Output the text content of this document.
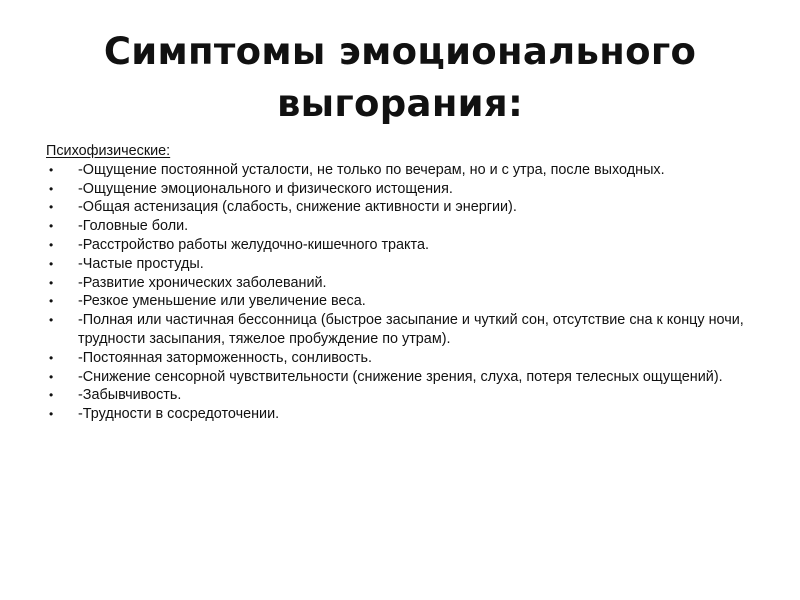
Симптомы эмоционального
выгорания:

Психофизические:

• -Ощущение постоянной усталости, не только по вечерам, но и с утра, после выходных.
• -Ощущение эмоционального и физического истощения.
• -Общая астенизация (слабость, снижение активности и энергии).
• -Головные боли.
• -Расстройство работы желудочно-кишечного тракта.
• -Частые простуды.
• -Развитие хронических заболеваний.
• -Резкое уменьшение или увеличение веса.
• -Полная или частичная бессонница (быстрое засыпание и чуткий сон, отсутствие сна к концу ночи, трудности засыпания, тяжелое пробуждение по утрам).
• -Постоянная заторможенность, сонливость.
• -Снижение сенсорной чувствительности (снижение зрения, слуха, потеря телесных ощущений).
• -Забывчивость.
• -Трудности в сосредоточении.
